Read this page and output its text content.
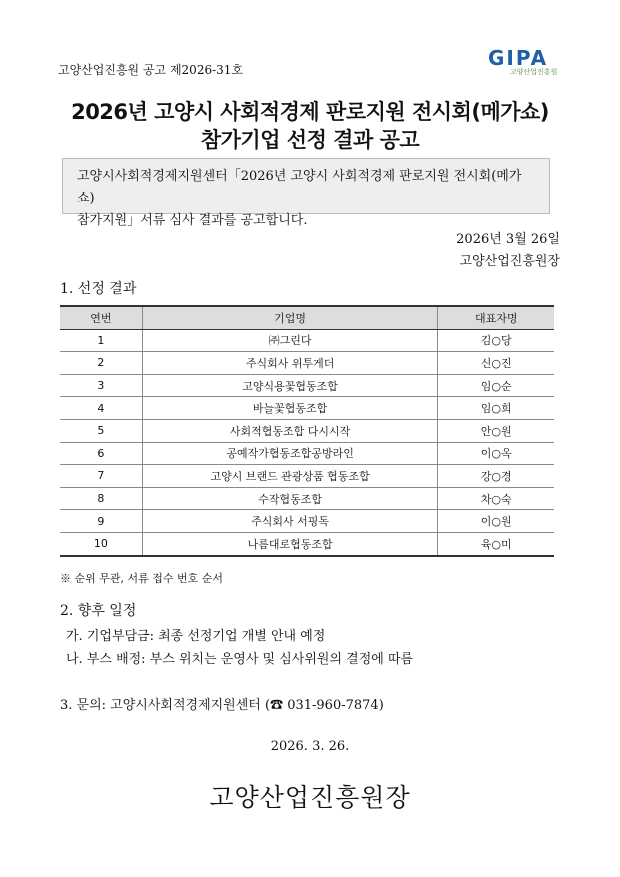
고양산업진흥원 공고 제2026-31호	GIPA
고양산업진흥원
2026년 고양시 사회적경제 판로지원 전시회(메가쇼)
참가기업 선정 결과 공고
고양시사회적경제지원센터「2026년 고양시 사회적경제 판로지원 전시회(메가쇼)
참가지원」서류 심사 결과를 공고합니다.
2026년 3월 26일
고양산업진흥원장
1. 선정 결과
연번	기업명	대표자명
1	㈜그린다	김○당
2	주식회사 위투게더	신○진
3	고양식용꽃협동조합	임○순
4	바늘꽃협동조합	임○희
5	사회적협동조합 다시시작	안○원
6	공예작가협동조합공방라인	이○옥
7	고양시 브랜드 관광상품 협동조합	강○경
8	수작협동조합	차○숙
9	주식회사 서핑독	이○원
10	나름대로협동조합	육○미
※ 순위 무관, 서류 접수 번호 순서
2. 향후 일정
가. 기업부담금: 최종 선정기업 개별 안내 예정
나. 부스 배정: 부스 위치는 운영사 및 심사위원의 결정에 따름
3. 문의: 고양시사회적경제지원센터 (☎ 031-960-7874)
2026. 3. 26.
고양산업진흥원장
